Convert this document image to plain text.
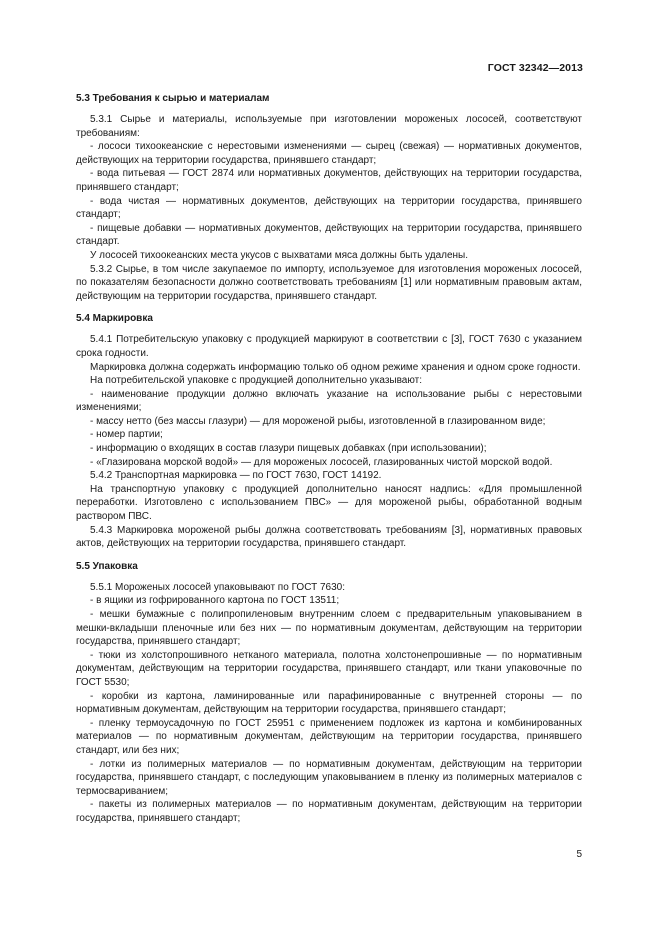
ГОСТ 32342—2013
5.3 Требования к сырью и материалам

5.3.1 Сырье и материалы, используемые при изготовлении мороженых лососей, соответствуют требованиям:

- лососи тихоокеанские с нерестовыми изменениями — сырец (свежая) — нормативных документов, действующих на территории государства, принявшего стандарт;

- вода питьевая — ГОСТ 2874 или нормативных документов, действующих на территории государства, принявшего стандарт;

- вода чистая — нормативных документов, действующих на территории государства, принявшего стандарт;

- пищевые добавки — нормативных документов, действующих на территории государства, принявшего стандарт.

У лососей тихоокеанских места укусов с выхватами мяса должны быть удалены.

5.3.2 Сырье, в том числе закупаемое по импорту, используемое для изготовления мороженых лососей, по показателям безопасности должно соответствовать требованиям [1] или нормативным правовым актам, действующим на территории государства, принявшего стандарт.

5.4 Маркировка

5.4.1 Потребительскую упаковку с продукцией маркируют в соответствии с [3], ГОСТ 7630 с указанием срока годности.

Маркировка должна содержать информацию только об одном режиме хранения и одном сроке годности.

На потребительской упаковке с продукцией дополнительно указывают:

- наименование продукции должно включать указание на использование рыбы с нерестовыми изменениями;

- массу нетто (без массы глазури) — для мороженой рыбы, изготовленной в глазированном виде;

- номер партии;

- информацию о входящих в состав глазури пищевых добавках (при использовании);

- «Глазирована морской водой» — для мороженых лососей, глазированных чистой морской водой.

5.4.2 Транспортная маркировка — по ГОСТ 7630, ГОСТ 14192.

На транспортную упаковку с продукцией дополнительно наносят надпись: «Для промышленной переработки. Изготовлено с использованием ПВС» — для мороженой рыбы, обработанной водным раствором ПВС.

5.4.3 Маркировка мороженой рыбы должна соответствовать требованиям [3], нормативных правовых актов, действующих на территории государства, принявшего стандарт.

5.5 Упаковка

5.5.1 Мороженых лососей упаковывают по ГОСТ 7630:

- в ящики из гофрированного картона по ГОСТ 13511;

- мешки бумажные с полипропиленовым внутренним слоем с предварительным упаковыванием в мешки-вкладыши пленочные или без них — по нормативным документам, действующим на территории государства, принявшего стандарт;

- тюки из холстопрошивного нетканого материала, полотна холстонепрошивные — по нормативным документам, действующим на территории государства, принявшего стандарт, или ткани упаковочные по ГОСТ 5530;

- коробки из картона, ламинированные или парафинированные с внутренней стороны — по нормативным документам, действующим на территории государства, принявшего стандарт;

- пленку термоусадочную по ГОСТ 25951 с применением подложек из картона и комбинированных материалов — по нормативным документам, действующим на территории государства, принявшего стандарт, или без них;

- лотки из полимерных материалов — по нормативным документам, действующим на территории государства, принявшего стандарт, с последующим упаковыванием в пленку из полимерных материалов с термосвариванием;

- пакеты из полимерных материалов — по нормативным документам, действующим на территории государства, принявшего стандарт;

5
